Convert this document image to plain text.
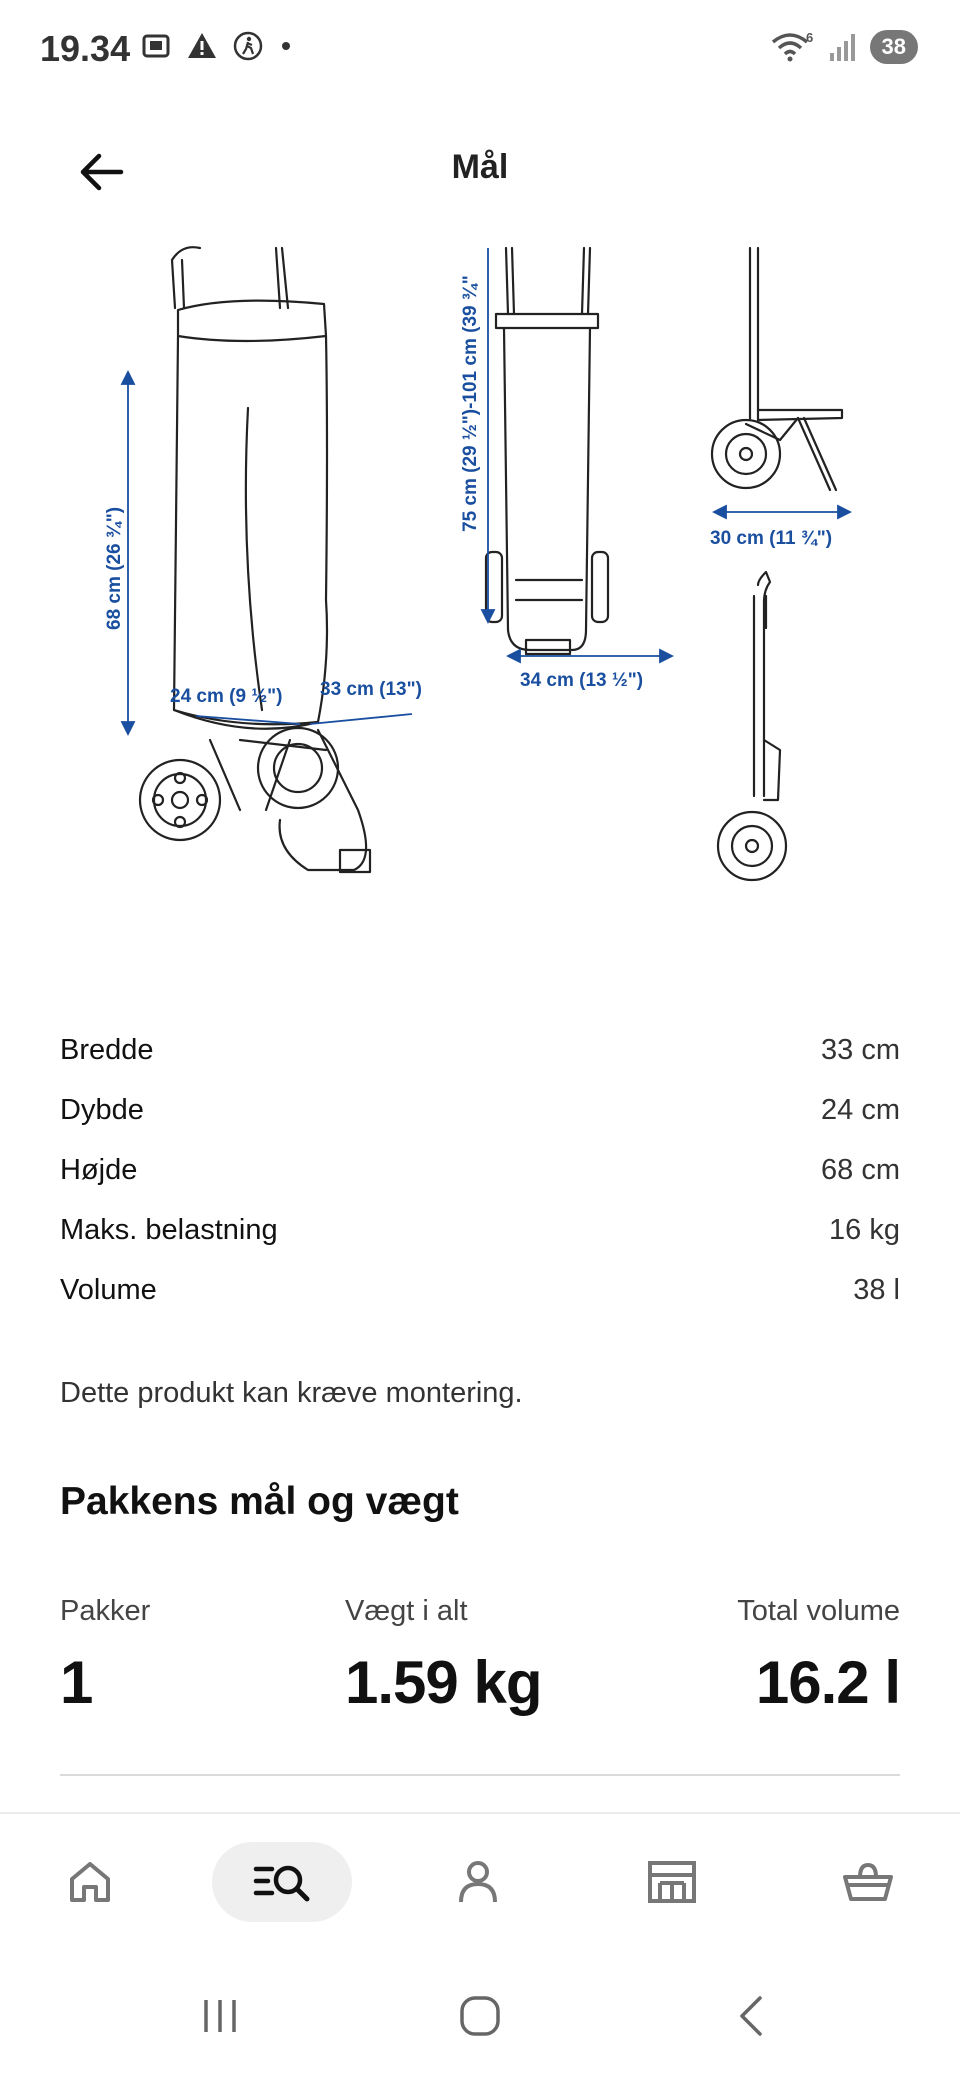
19.34	6	38
Mål
68 cm (26 ¾")
24 cm (9 ½") 33 cm (13")
75 cm (29 ½")-101 cm (39 ¾"
34 cm (13 ½")
30 cm (11 ¾")
Bredde	33 cm
Dybde	24 cm
Højde	68 cm
Maks. belastning	16 kg
Volume	38 l
Dette produkt kan kræve montering.
Pakkens mål og vægt
Pakker
1
Vægt i alt
1.59 kg
Total volume
16.2 l
